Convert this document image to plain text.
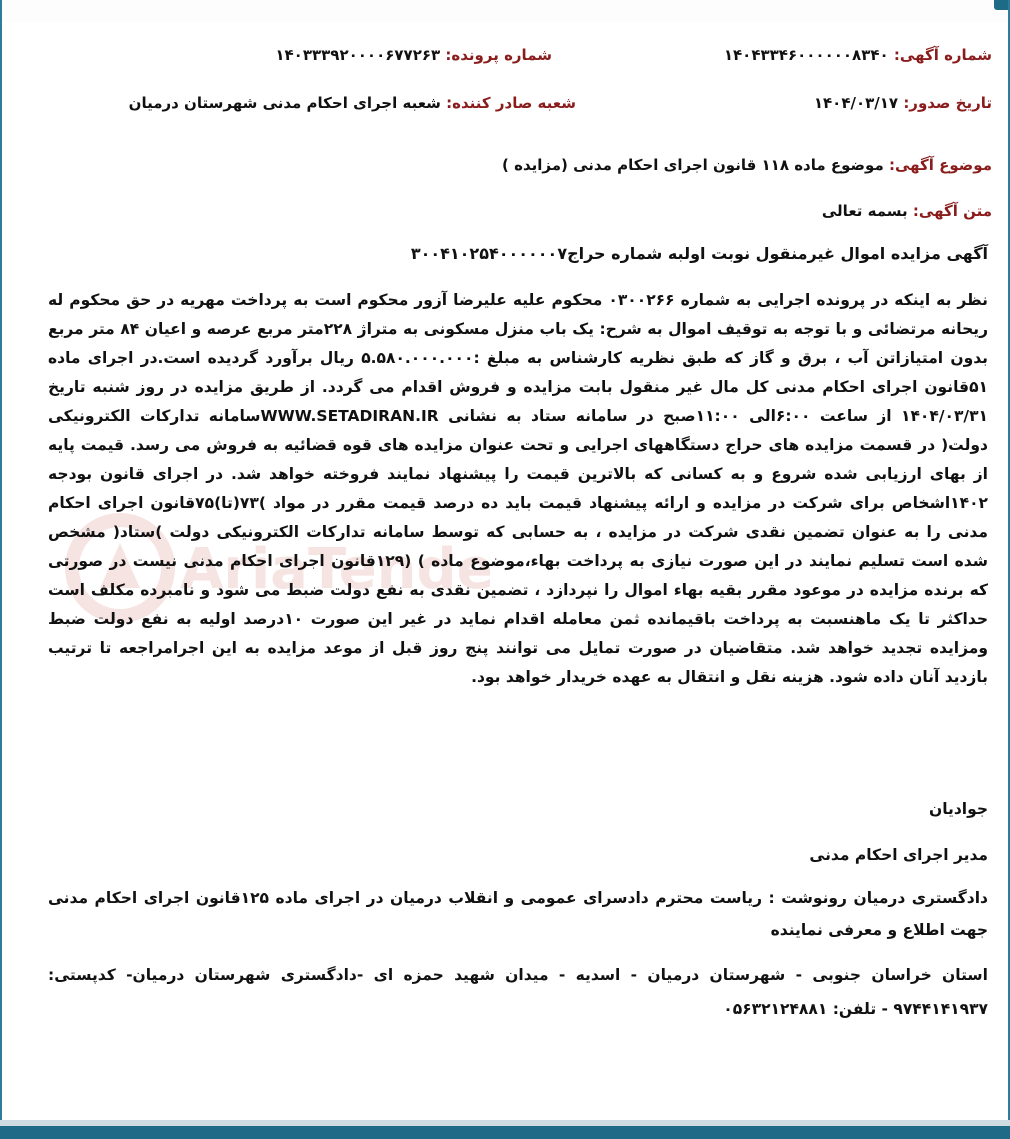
AriaTende
شماره آگهی: ۱۴۰۴۳۳۴۶۰۰۰۰۰۰۸۳۴۰
شماره پرونده: ۱۴۰۳۳۳۹۲۰۰۰۰۶۷۷۲۶۳
تاریخ صدور: ۱۴۰۴/۰۳/۱۷
شعبه صادر کننده: شعبه اجرای احکام مدنی شهرستان درمیان
موضوع آگهی: موضوع ماده ۱۱۸ قانون اجرای احکام مدنی (مزایده )
متن آگهی: بسمه تعالی
آگهی مزایده اموال غیرمنقول نوبت اولبه شماره حراج۳۰۰۴۱۰۲۵۴۰۰۰۰۰۰۷
نظر به اینکه در پرونده اجرایی به شماره ۰۳۰۰۲۶۶ محکوم علیه علیرضا آزور محکوم است به پرداخت مهریه در حق محکوم له ریحانه مرتضائی و با توجه به توقیف اموال به شرح: یک باب منزل مسکونی به متراژ ۲۲۸متر مربع عرصه و اعیان ۸۴ متر مربع بدون امتیازاتن آب ، برق و گاز که طبق نظریه کارشناس به مبلغ :۵.۵۸۰.۰۰۰.۰۰۰ ریال برآورد گردیده است.در اجرای ماده ۵۱قانون اجرای احکام مدنی کل مال غیر منقول بابت مزایده و فروش اقدام می گردد. از طریق مزایده در روز شنبه تاریخ ۱۴۰۴/۰۳/۳۱ از ساعت ۶:۰۰الی ۱۱:۰۰صبح در سامانه ستاد به نشانی WWW.SETADIRAN.IRسامانه تدارکات الکترونیکی دولت( در قسمت مزایده های حراج دستگاههای اجرایی و تحت عنوان مزایده های قوه قضائیه به فروش می رسد. قیمت پایه از بهای ارزیابی شده شروع و به کسانی که بالاترین قیمت را پیشنهاد نمایند فروخته خواهد شد. در اجرای قانون بودجه ۱۴۰۲اشخاص برای شرکت در مزایده و ارائه پیشنهاد قیمت باید ده درصد قیمت مقرر در مواد )۷۳(تا)۷۵قانون اجرای احکام مدنی را به عنوان تضمین نقدی شرکت در مزایده ، به حسابی که توسط سامانه تدارکات الکترونیکی دولت )ستاد( مشخص شده است تسلیم نمایند در این صورت نیازی به پرداخت بهاء،موضوع ماده ) (۱۲۹قانون اجرای احکام مدنی نیست در صورتی که برنده مزایده در موعود مقرر بقیه بهاء اموال را نپردازد ، تضمین نقدی به نفع دولت ضبط می شود و نامبرده مکلف است حداکثر تا یک ماهنسبت به پرداخت باقیمانده ثمن معامله اقدام نماید در غیر این صورت ۱۰درصد اولیه به نفع دولت ضبط ومزایده تجدید خواهد شد. متقاضیان در صورت تمایل می توانند پنج روز قبل از موعد مزایده به این اجرامراجعه تا ترتیب بازدید آنان داده شود. هزینه نقل و انتقال به عهده خریدار خواهد بود.
جوادیان
مدیر اجرای احکام مدنی
دادگستری درمیان رونوشت : ریاست محترم دادسرای عمومی و انقلاب درمیان در اجرای ماده ۱۲۵قانون اجرای احکام مدنی جهت اطلاع و معرفی نماینده
استان خراسان جنوبی - شهرستان درمیان - اسدیه - میدان شهید حمزه ای -دادگستری شهرستان درمیان- کدپستی: ۹۷۴۴۱۴۱۹۳۷ - تلفن: ۰۵۶۳۲۱۲۴۸۸۱
